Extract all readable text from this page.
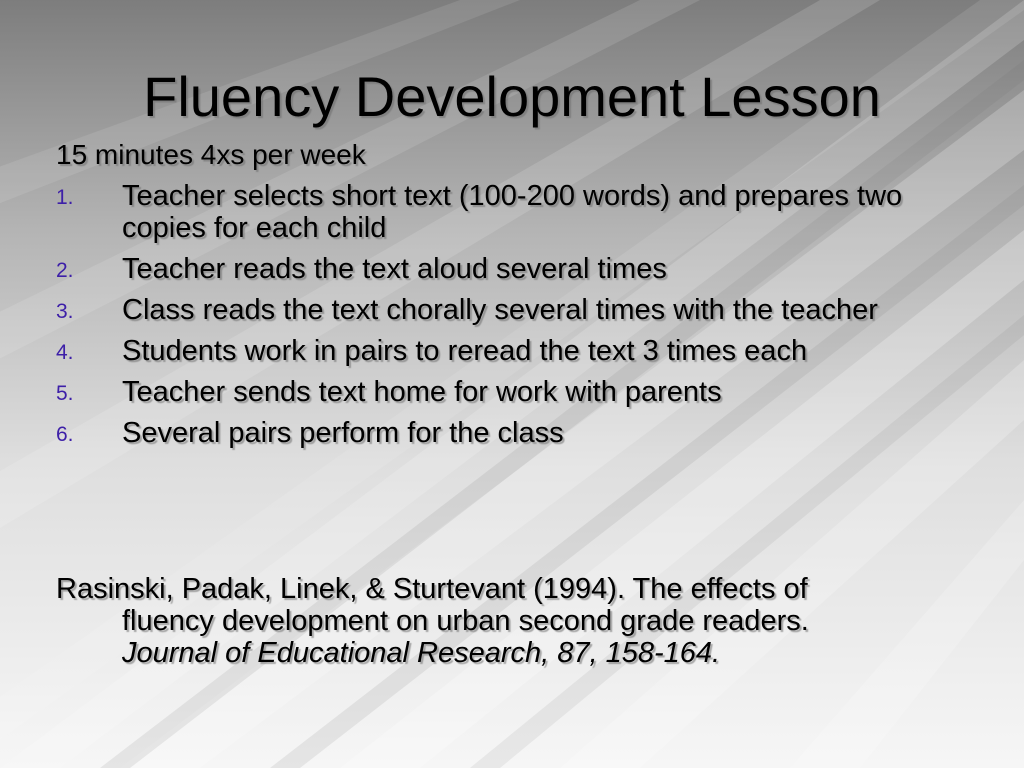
Fluency Development Lesson
15 minutes 4xs per week
1. Teacher selects short text (100-200 words) and prepares two copies for each child
2. Teacher reads the text aloud several times
3. Class reads the text chorally several times with the teacher
4. Students work in pairs to reread the text 3 times each
5. Teacher sends text home for work with parents
6. Several pairs perform for the class
Rasinski, Padak, Linek, & Sturtevant (1994). The effects of
fluency development on urban second grade readers.
Journal of Educational Research, 87, 158-164.
